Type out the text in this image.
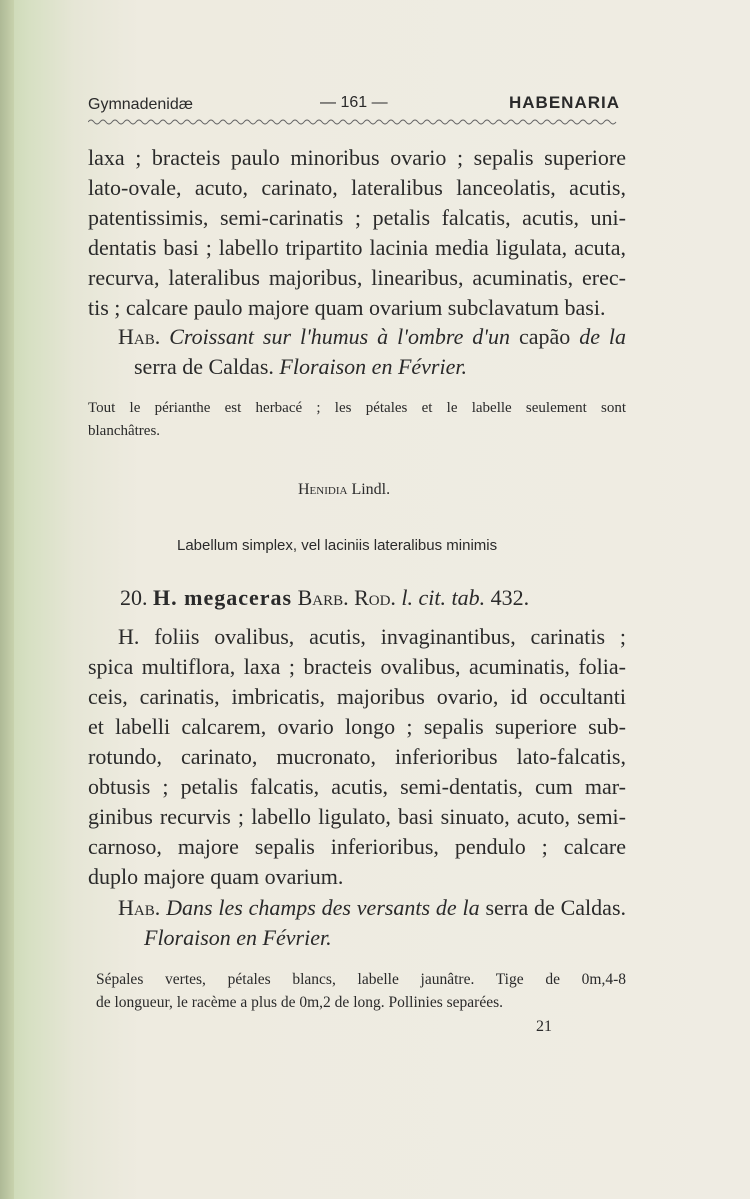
Gymnadenidæ	— 161 —	HABENARIA
laxa ; bracteis paulo minoribus ovario ; sepalis superiore
lato-ovale, acuto, carinato, lateralibus lanceolatis, acutis,
patentissimis, semi-carinatis ; petalis falcatis, acutis, uni-
dentatis basi ; labello tripartito lacinia media ligulata, acuta,
recurva, lateralibus majoribus, linearibus, acuminatis, erec-
tis ; calcare paulo majore quam ovarium subclavatum basi.
Hab. Croissant sur l'humus à l'ombre d'un capão de la
serra de Caldas. Floraison en Février.
Tout le périanthe est herbacé ; les pétales et le labelle seulement sont
blanchâtres.
Henidia Lindl.
Labellum simplex, vel laciniis lateralibus minimis
20. H. megaceras Barb. Rod. l. cit. tab. 432.
H. foliis ovalibus, acutis, invaginantibus, carinatis ;
spica multiflora, laxa ; bracteis ovalibus, acuminatis, folia-
ceis, carinatis, imbricatis, majoribus ovario, id occultanti
et labelli calcarem, ovario longo ; sepalis superiore sub-
rotundo, carinato, mucronato, inferioribus lato-falcatis,
obtusis ; petalis falcatis, acutis, semi-dentatis, cum mar-
ginibus recurvis ; labello ligulato, basi sinuato, acuto, semi-
carnoso, majore sepalis inferioribus, pendulo ; calcare
duplo majore quam ovarium.
Hab. Dans les champs des versants de la serra de Caldas.
Floraison en Février.
Sépales vertes, pétales blancs, labelle jaunâtre. Tige de 0m,4-8
de longueur, le racème a plus de 0m,2 de long. Pollinies separées.
21
